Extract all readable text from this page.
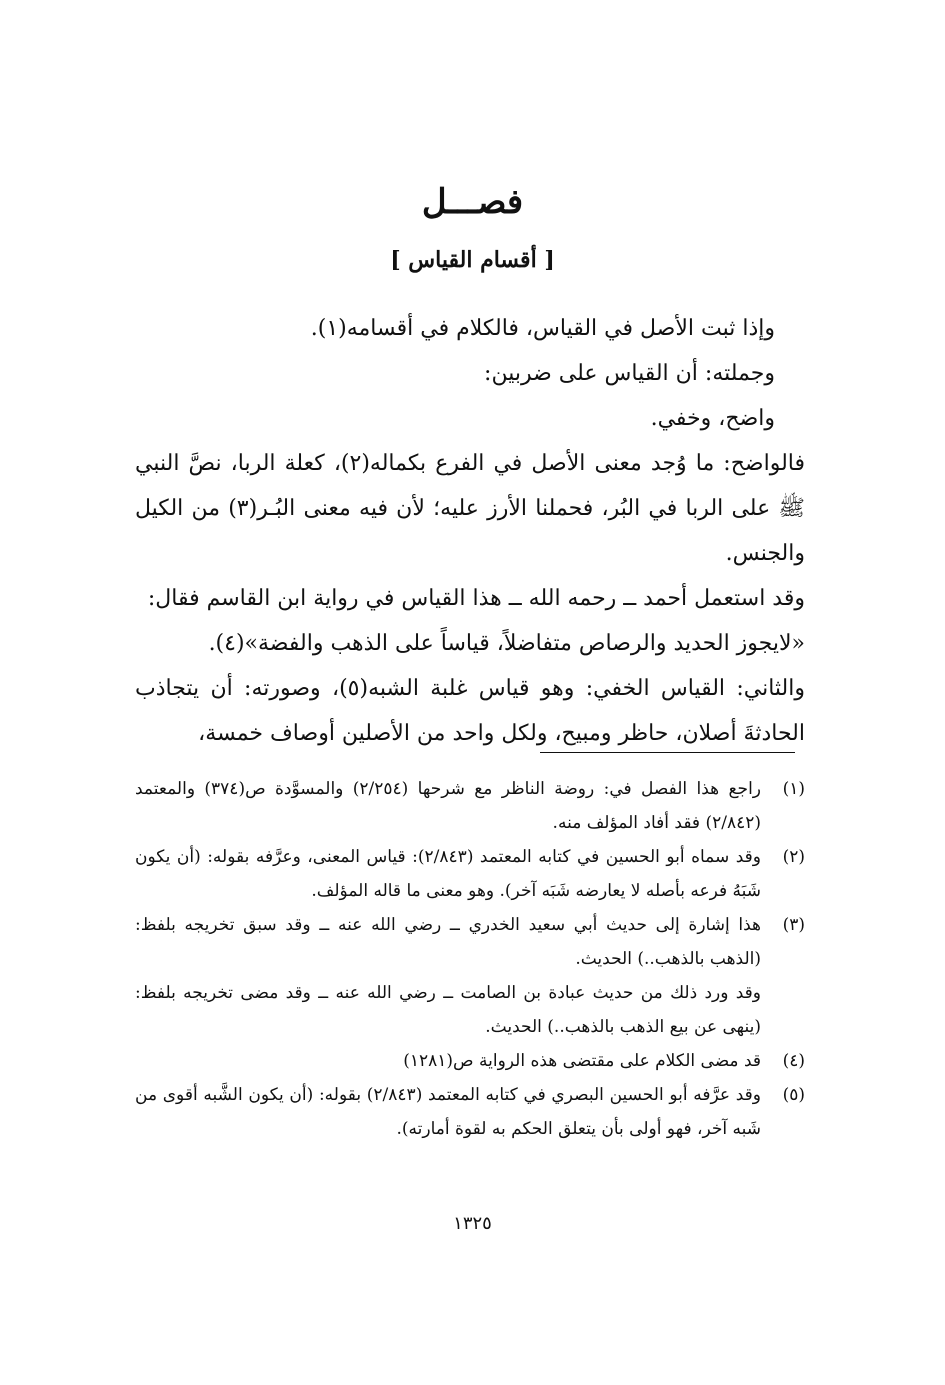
فصـــل
[ أقسام القياس ]

وإذا ثبت الأصل في القياس، فالكلام في أقسامه(١).

وجملته: أن القياس على ضربين:

واضح، وخفي.

فالواضح: ما وُجد معنى الأصل في الفرع بكماله(٢)، كعلة الربا، نصَّ النبي ﷺ على الربا في البُر، فحملنا الأرز عليه؛ لأن فيه معنى البُـر(٣) من الكيل والجنس.

وقد استعمل أحمد ــ رحمه الله ــ هذا القياس في رواية ابن القاسم فقال:

«لايجوز الحديد والرصاص متفاضلاً، قياساً على الذهب والفضة»(٤).

والثاني: القياس الخفي: وهو قياس غلبة الشبه(٥)، وصورته: أن يتجاذب الحادثةَ أصلان، حاظر ومبيح، ولكل واحد من الأصلين أوصاف خمسة،

(١)

راجع هذا الفصل في: روضة الناظر مع شرحها (٢/٢٥٤) والمسوَّدة ص(٣٧٤) والمعتمد (٢/٨٤٢) فقد أفاد المؤلف منه.

(٢)

وقد سماه أبو الحسين في كتابه المعتمد (٢/٨٤٣): قياس المعنى، وعرَّفه بقوله: (أن يكون شَبَهُ فرعه بأصله لا يعارضه شَبَه آخر). وهو معنى ما قاله المؤلف.

(٣)

هذا إشارة إلى حديث أبي سعيد الخدري ــ رضي الله عنه ــ وقد سبق تخريجه بلفظ: (الذهب بالذهب..) الحديث.

وقد ورد ذلك من حديث عبادة بن الصامت ــ رضي الله عنه ــ وقد مضى تخريجه بلفظ: (ينهى عن بيع الذهب بالذهب..) الحديث.

(٤)

قد مضى الكلام على مقتضى هذه الرواية ص(١٢٨١)

(٥)

وقد عرَّفه أبو الحسين البصري في كتابه المعتمد (٢/٨٤٣) بقوله: (أن يكون الشَّبه أقوى من شَبه آخر، فهو أولى بأن يتعلق الحكم به لقوة أمارته).

١٣٢٥
